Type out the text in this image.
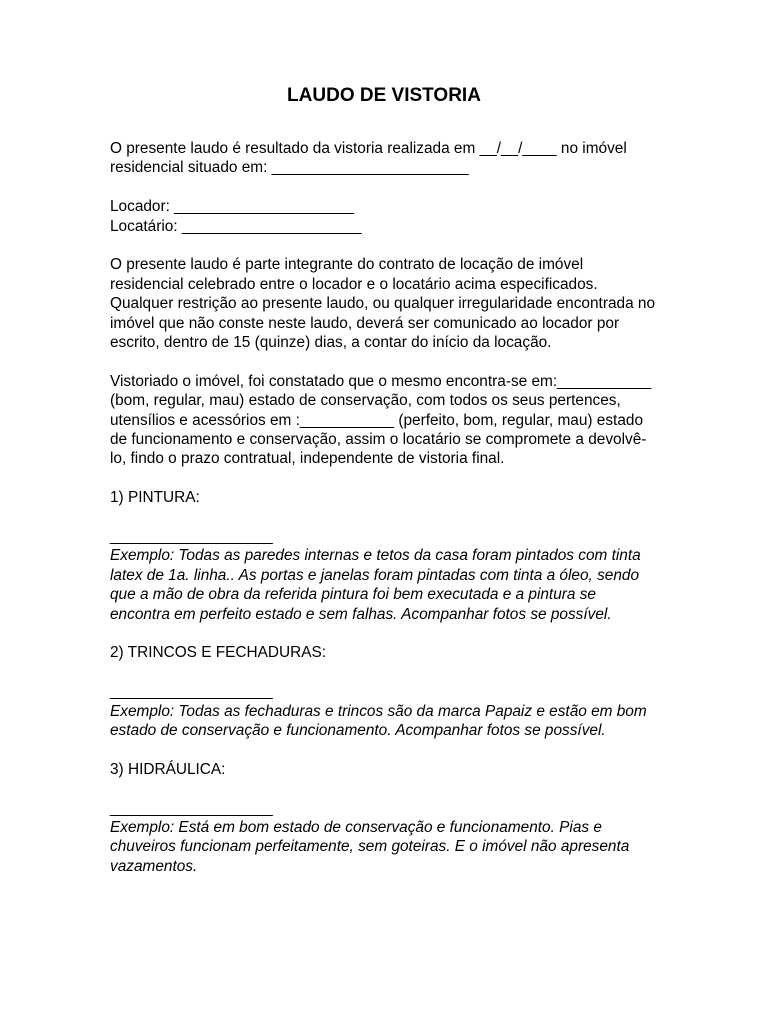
LAUDO DE VISTORIA

O presente laudo é resultado da vistoria realizada em __/__/____ no imóvel

residencial situado em: _______________________

Locador: _____________________

Locatário: _____________________

O presente laudo é parte integrante do contrato de locação de imóvel

residencial celebrado entre o locador e o locatário acima especificados.

Qualquer restrição ao presente laudo, ou qualquer irregularidade encontrada no

imóvel que não conste neste laudo, deverá ser comunicado ao locador por

escrito, dentro de 15 (quinze) dias, a contar do início da locação.

Vistoriado o imóvel, foi constatado que o mesmo encontra-se em:___________

(bom, regular, mau) estado de conservação, com todos os seus pertences,

utensílios e acessórios em :___________ (perfeito, bom, regular, mau) estado

de funcionamento e conservação, assim o locatário se compromete a devolvê-

lo, findo o prazo contratual, independente de vistoria final.

1) PINTURA:

___________________

Exemplo: Todas as paredes internas e tetos da casa foram pintados com tinta

latex de 1a. linha.. As portas e janelas foram pintadas com tinta a óleo, sendo

que a mão de obra da referida pintura foi bem executada e a pintura se

encontra em perfeito estado e sem falhas. Acompanhar fotos se possível.

2) TRINCOS E FECHADURAS:

___________________

Exemplo: Todas as fechaduras e trincos são da marca Papaiz e estão em bom

estado de conservação e funcionamento. Acompanhar fotos se possível.

3) HIDRÁULICA:

___________________

Exemplo: Está em bom estado de conservação e funcionamento. Pias e

chuveiros funcionam perfeitamente, sem goteiras. E o imóvel não apresenta

vazamentos.
